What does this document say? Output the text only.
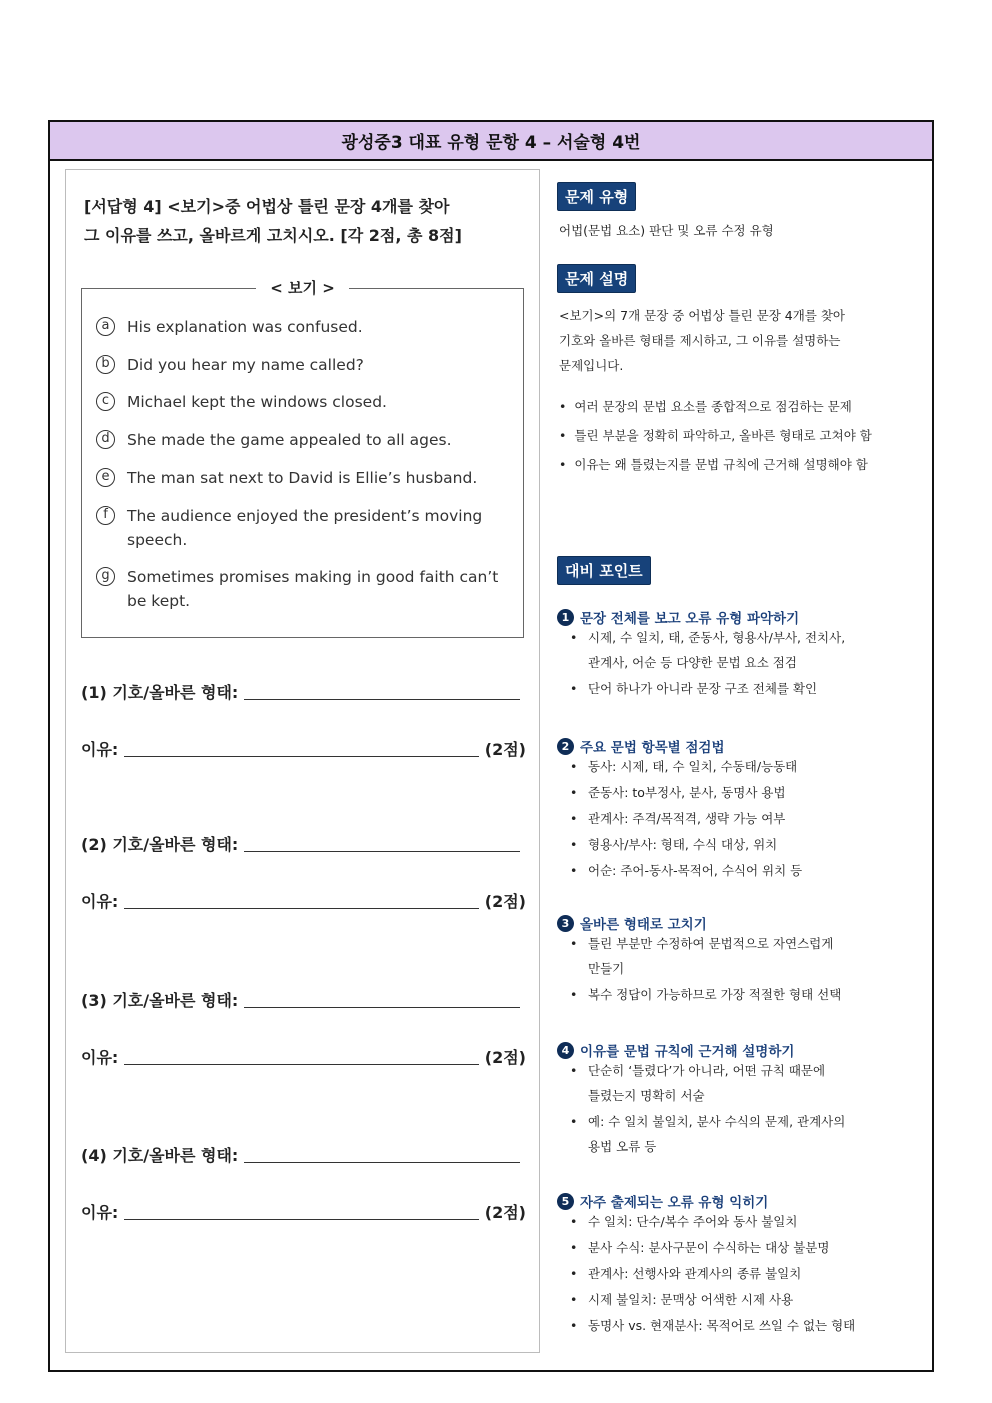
광성중3 대표 유형 문항 4 – 서술형 4번
[서답형 4] <보기>중 어법상 틀린 문장 4개를 찾아
그 이유를 쓰고, 올바르게 고치시오. [각 2점, 총 8점]
< 보기 >
a	His explanation was confused.
b	Did you hear my name called?
c	Michael kept the windows closed.
d	She made the game appealed to all ages.
e	The man sat next to David is Ellie’s husband.
f	The audience enjoyed the president’s moving speech.
g	Sometimes promises making in good faith can’t be kept.
(1) 기호/올바른 형태:
이유:	(2점)
(2) 기호/올바른 형태:
이유:	(2점)
(3) 기호/올바른 형태:
이유:	(2점)
(4) 기호/올바른 형태:
이유:	(2점)
문제 유형
어법(문법 요소) 판단 및 오류 수정 유형
문제 설명
<보기>의 7개 문장 중 어법상 틀린 문장 4개를 찾아
기호와 올바른 형태를 제시하고, 그 이유를 설명하는
문제입니다.
• 여러 문장의 문법 요소를 종합적으로 점검하는 문제
• 틀린 부분을 정확히 파악하고, 올바른 형태로 고쳐야 함
• 이유는 왜 틀렸는지를 문법 규칙에 근거해 설명해야 함
대비 포인트
1 문장 전체를 보고 오류 유형 파악하기
• 시제, 수 일치, 태, 준동사, 형용사/부사, 전치사,
관계사, 어순 등 다양한 문법 요소 점검
• 단어 하나가 아니라 문장 구조 전체를 확인
2 주요 문법 항목별 점검법
• 동사: 시제, 태, 수 일치, 수동태/능동태
• 준동사: to부정사, 분사, 동명사 용법
• 관계사: 주격/목적격, 생략 가능 여부
• 형용사/부사: 형태, 수식 대상, 위치
• 어순: 주어-동사-목적어, 수식어 위치 등
3 올바른 형태로 고치기
• 틀린 부분만 수정하여 문법적으로 자연스럽게
만들기
• 복수 정답이 가능하므로 가장 적절한 형태 선택
4 이유를 문법 규칙에 근거해 설명하기
• 단순히 ‘틀렸다’가 아니라, 어떤 규칙 때문에
틀렸는지 명확히 서술
• 예: 수 일치 불일치, 분사 수식의 문제, 관계사의
용법 오류 등
5 자주 출제되는 오류 유형 익히기
• 수 일치: 단수/복수 주어와 동사 불일치
• 분사 수식: 분사구문이 수식하는 대상 불분명
• 관계사: 선행사와 관계사의 종류 불일치
• 시제 불일치: 문맥상 어색한 시제 사용
• 동명사 vs. 현재분사: 목적어로 쓰일 수 없는 형태
